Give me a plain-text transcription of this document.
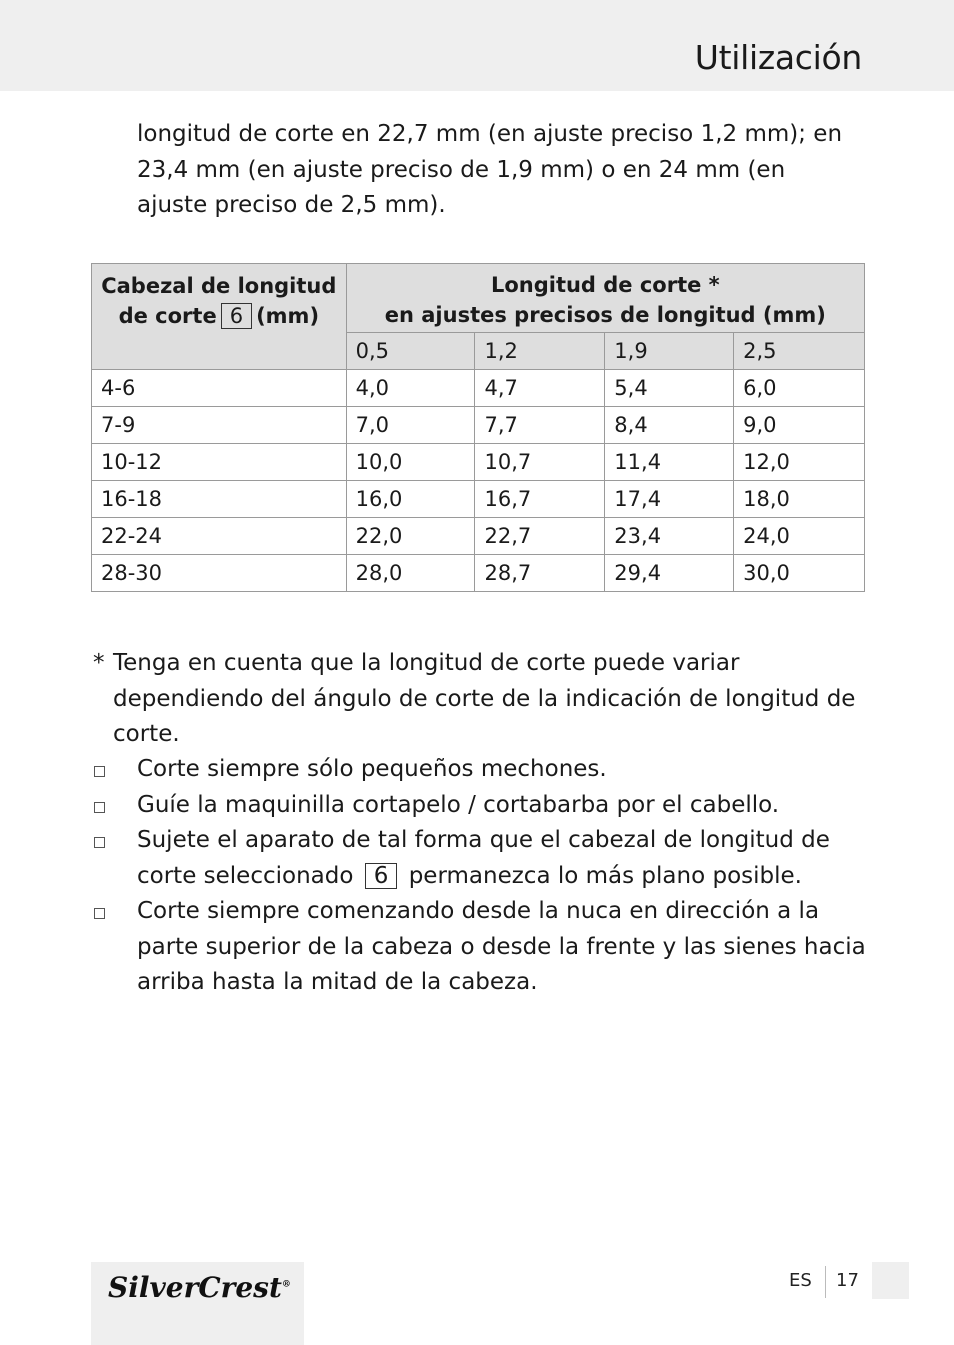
Utilización

longitud de corte en 22,7 mm (en ajuste preciso 1,2 mm); en 23,4 mm (en ajuste preciso de 1,9 mm) o en 24 mm (en ajuste preciso de 2,5 mm).

Cabezal de longitud
de corte 6 (mm)	Longitud de corte *
en ajustes precisos de longitud (mm)			
	0,5	1,2	1,9	2,5
4-6	4,0	4,7	5,4	6,0
7-9	7,0	7,7	8,4	9,0
10-12	10,0	10,7	11,4	12,0
16-18	16,0	16,7	17,4	18,0
22-24	22,0	22,7	23,4	24,0
28-30	28,0	28,7	29,4	30,0
* Tenga en cuenta que la longitud de corte puede variar dependiendo del ángulo de corte de la indicación de longitud de corte.
Corte siempre sólo pequeños mechones.
Guíe la maquinilla cortapelo / cortabarba por el cabello.
Sujete el aparato de tal forma que el cabezal de longitud de corte seleccionado 6 permanezca lo más plano posible.
Corte siempre comenzando desde la nuca en dirección a la parte superior de la cabeza o desde la frente y las sienes hacia arriba hasta la mitad de la cabeza.
SilverCrest®	ES 17
